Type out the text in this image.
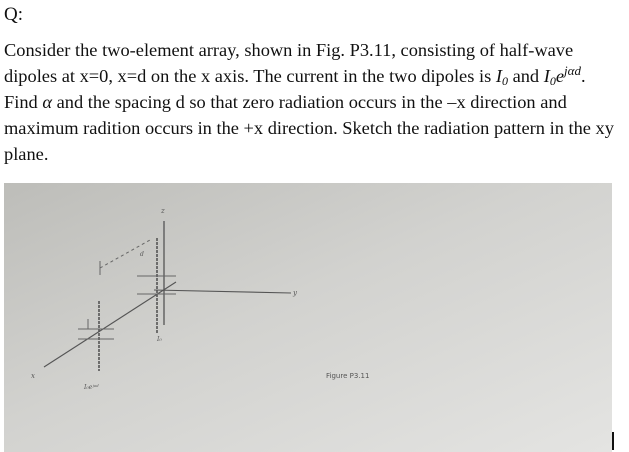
Q:
Consider the two-element array, shown in Fig. P3.11, consisting of half-wave dipoles at x=0, x=d on the x axis. The current in the two dipoles is $I_0$ and $I_0e^{j\alpha d}$. Find α and the spacing d so that zero radiation occurs in the –x direction and maximum radition occurs in the +x direction. Sketch the radiation pattern in the xy plane.
z
y
x
I₀
I₀eʲᵃᵈ
d
Figure P3.11
